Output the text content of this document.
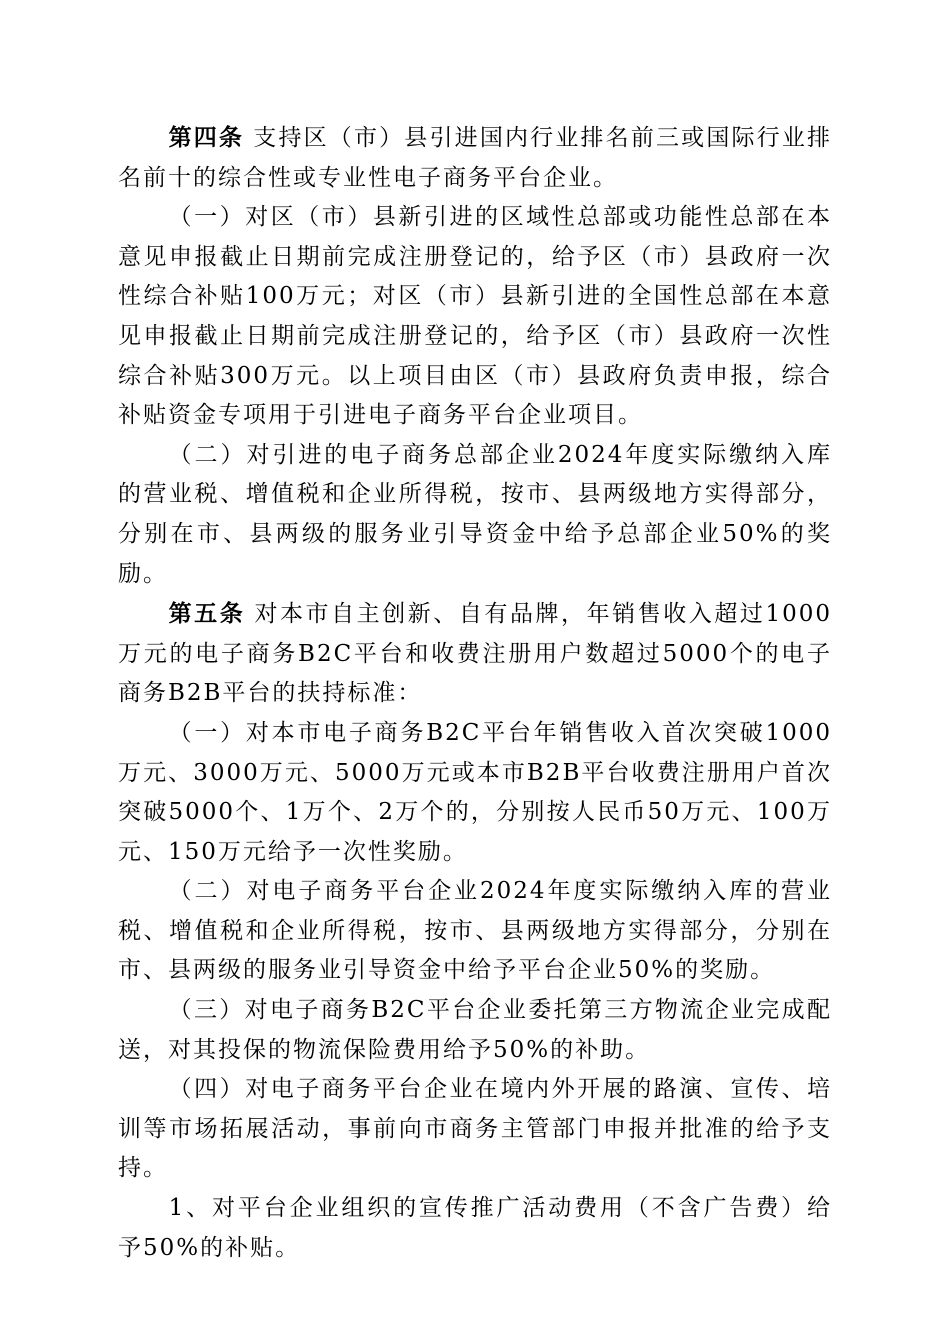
第四条 支持区（市）县引进国内行业排名前三或国际行业排名前十的综合性或专业性电子商务平台企业。

（一）对区（市）县新引进的区域性总部或功能性总部在本意见申报截止日期前完成注册登记的，给予区（市）县政府一次性综合补贴100万元；对区（市）县新引进的全国性总部在本意见申报截止日期前完成注册登记的，给予区（市）县政府一次性综合补贴300万元。以上项目由区（市）县政府负责申报，综合补贴资金专项用于引进电子商务平台企业项目。

（二）对引进的电子商务总部企业2024年度实际缴纳入库的营业税、增值税和企业所得税，按市、县两级地方实得部分，分别在市、县两级的服务业引导资金中给予总部企业50%的奖励。

第五条 对本市自主创新、自有品牌，年销售收入超过1000万元的电子商务B2C平台和收费注册用户数超过5000个的电子商务B2B平台的扶持标准：

（一）对本市电子商务B2C平台年销售收入首次突破1000万元、3000万元、5000万元或本市B2B平台收费注册用户首次突破5000个、1万个、2万个的，分别按人民币50万元、100万元、150万元给予一次性奖励。

（二）对电子商务平台企业2024年度实际缴纳入库的营业税、增值税和企业所得税，按市、县两级地方实得部分，分别在市、县两级的服务业引导资金中给予平台企业50%的奖励。

（三）对电子商务B2C平台企业委托第三方物流企业完成配送，对其投保的物流保险费用给予50%的补助。

（四）对电子商务平台企业在境内外开展的路演、宣传、培训等市场拓展活动，事前向市商务主管部门申报并批准的给予支持。

1、对平台企业组织的宣传推广活动费用（不含广告费）给予50%的补贴。
